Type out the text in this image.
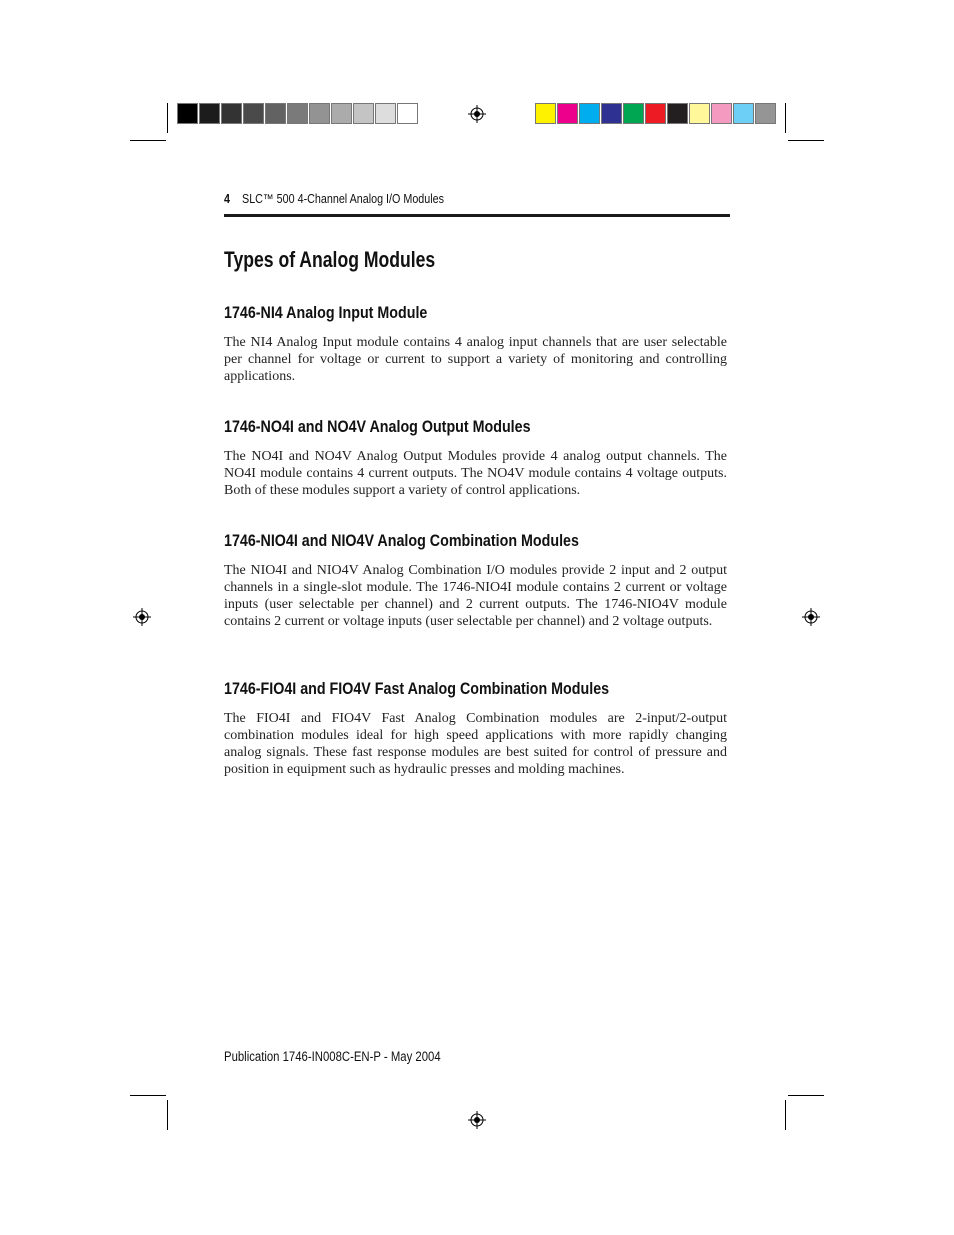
4 SLC™ 500 4-Channel Analog I/O Modules
Types of Analog Modules
1746-NI4 Analog Input Module
The NI4 Analog Input module contains 4 analog input channels that are user selectable per channel for voltage or current to support a variety of monitoring and controlling applications.
1746-NO4I and NO4V Analog Output Modules
The NO4I and NO4V Analog Output Modules provide 4 analog output channels. The NO4I module contains 4 current outputs. The NO4V module contains 4 voltage outputs. Both of these modules support a variety of control applications.
1746-NIO4I and NIO4V Analog Combination Modules
The NIO4I and NIO4V Analog Combination I/O modules provide 2 input and 2 output channels in a single-slot module. The 1746-NIO4I module contains 2 current or voltage inputs (user selectable per channel) and 2 current outputs. The 1746-NIO4V module contains 2 current or voltage inputs (user selectable per channel) and 2 voltage outputs.
1746-FIO4I and FIO4V Fast Analog Combination Modules
The FIO4I and FIO4V Fast Analog Combination modules are 2-input/2-output combination modules ideal for high speed applications with more rapidly changing analog signals. These fast response modules are best suited for control of pressure and position in equipment such as hydraulic presses and molding machines.
Publication 1746-IN008C-EN-P - May 2004
